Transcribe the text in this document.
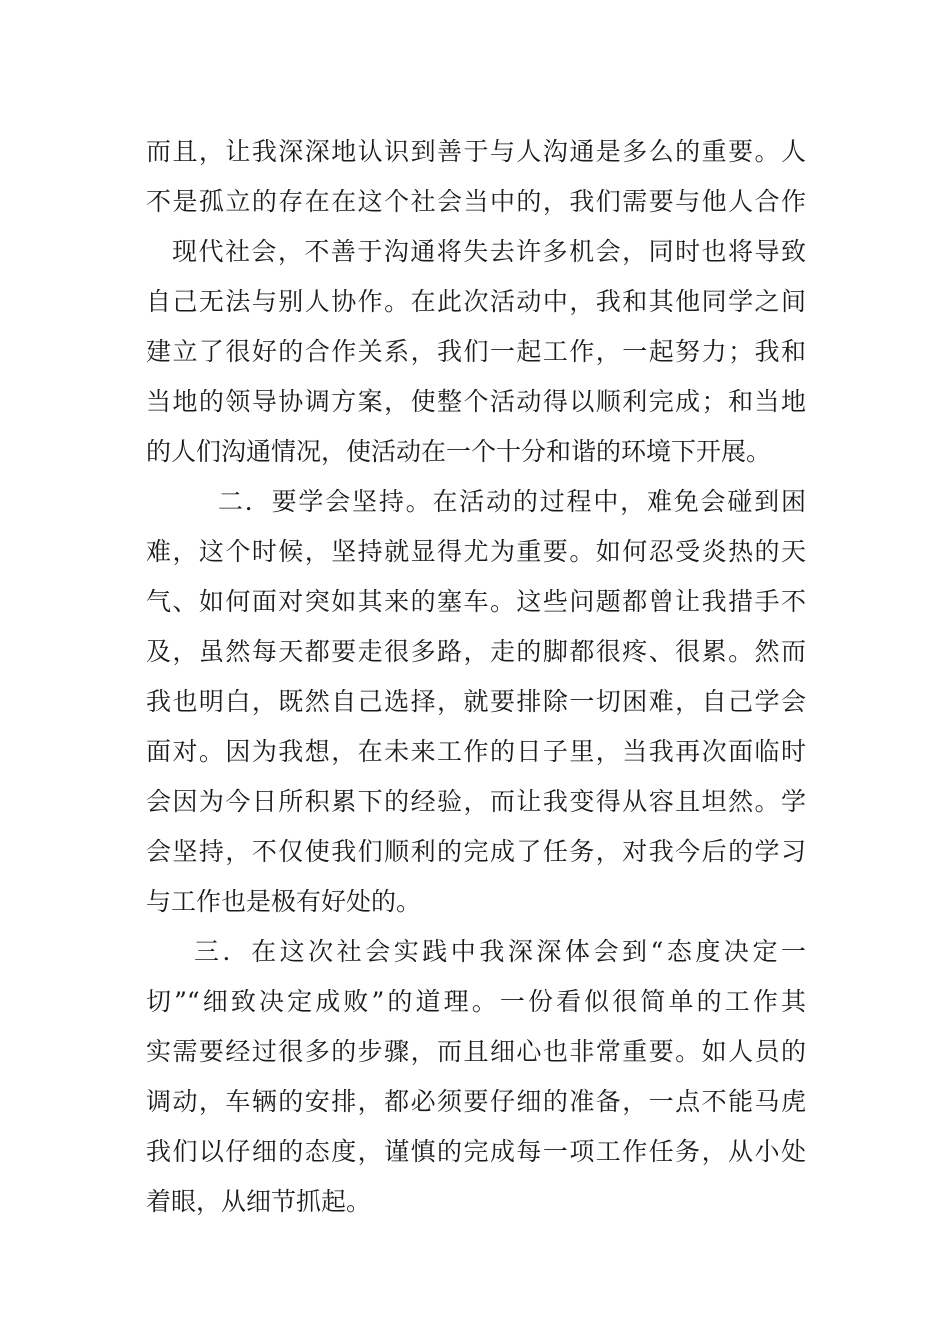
而且，让我深深地认识到善于与人沟通是多么的重要。人
不是孤立的存在在这个社会当中的，我们需要与他人合作
现代社会，不善于沟通将失去许多机会，同时也将导致
自己无法与别人协作。在此次活动中，我和其他同学之间
建立了很好的合作关系，我们一起工作，一起努力；我和
当地的领导协调方案，使整个活动得以顺利完成；和当地
的人们沟通情况，使活动在一个十分和谐的环境下开展。
二．要学会坚持。在活动的过程中，难免会碰到困
难，这个时候，坚持就显得尤为重要。如何忍受炎热的天
气、如何面对突如其来的塞车。这些问题都曾让我措手不
及，虽然每天都要走很多路，走的脚都很疼、很累。然而
我也明白，既然自己选择，就要排除一切困难，自己学会
面对。因为我想，在未来工作的日子里，当我再次面临时
会因为今日所积累下的经验，而让我变得从容且坦然。学
会坚持，不仅使我们顺利的完成了任务，对我今后的学习
与工作也是极有好处的。
三．在这次社会实践中我深深体会到“态度决定一
切”“细致决定成败”的道理。一份看似很简单的工作其
实需要经过很多的步骤，而且细心也非常重要。如人员的
调动，车辆的安排，都必须要仔细的准备，一点不能马虎
我们以仔细的态度，谨慎的完成每一项工作任务，从小处
着眼，从细节抓起。
